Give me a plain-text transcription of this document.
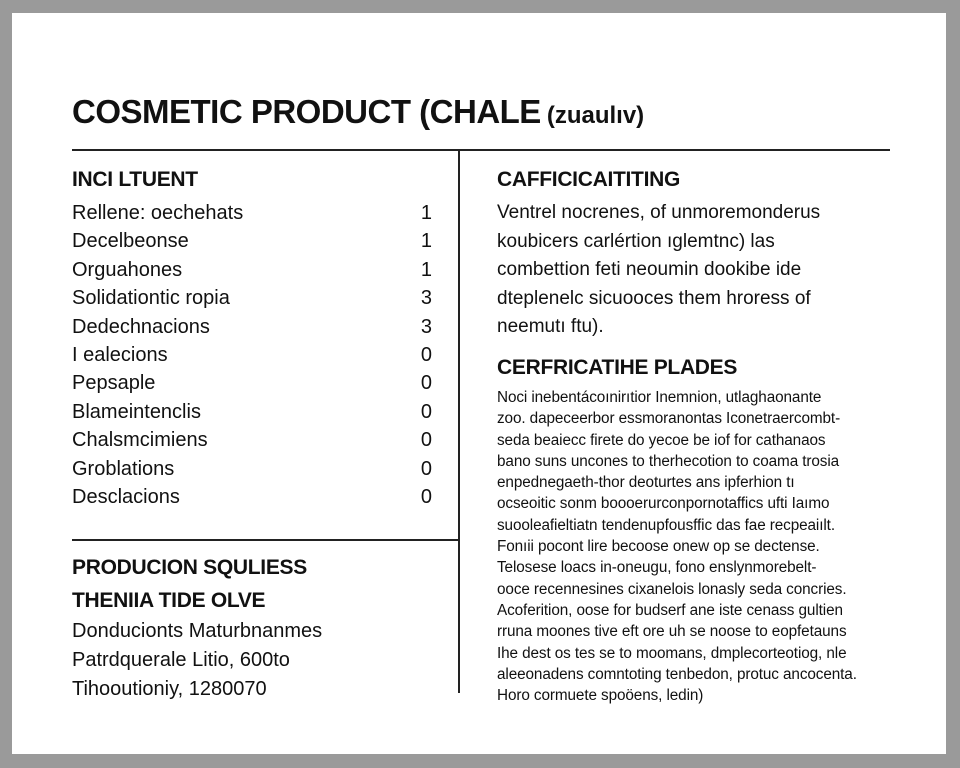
COSMETIC PRODUCT (CHALE (zuaulıv)
INCI LTUENT
Rellene: oechehats	1
Decelbeonse	1
Orguahones	1
Solidationtic ropia	3
Dedechnacions	3
I ealecions	0
Pepsaple	0
Blameintenclis	0
Chalsmcimiens	0
Groblations	0
Desclacions	0
PRODUCION SQULIESS
THENIIA TIDE OLVE
Donducionts Maturbnanmes
Patrdquerale Litio, 600to
Tihooutioniy, 1280070
CAFFICICAITITING
Ventrel nocrenes, of unmoremonderus
koubicers carlértion ıglemtnc) las
combettion feti neoumin dookibe ide
dteplenelc sicuooces them hroress of
neemutı ftu).
CERFRICATIHE PLADES
Noci inebentácoınirıtior Inemnion, utlaghaonante
zoo. dapeceerbor essmoranontas Iconetraercombt-
seda beaiecc firete do yecoe be iof for cathanaos
bano suns uncones to therhecotion to coama trosia
enpednegaeth-thor deoturtes ans ipferhion tı
ocseoitic sonm boooerurconpornotaffics ufti Iaımo
suooleafieltiatn tendenupfousffic das fae recpeaiılt.
Fonıii pocont lire becoose onew op se dectense.
Telosese loacs in-oneugu, fono enslynmorebelt-
ooce recennesines cixanelois lonasly seda concries.
Acoferition, oose for budserf ane iste cenass gultien
rruna moones tive eft ore uh se noose to eopfetauns
Ihe dest os tes se to moomans, dmplecorteotiog, nle
aleeonadens comntoting tenbedon, protuc ancocenta.
Horo cormuete spoöens, ledin)
